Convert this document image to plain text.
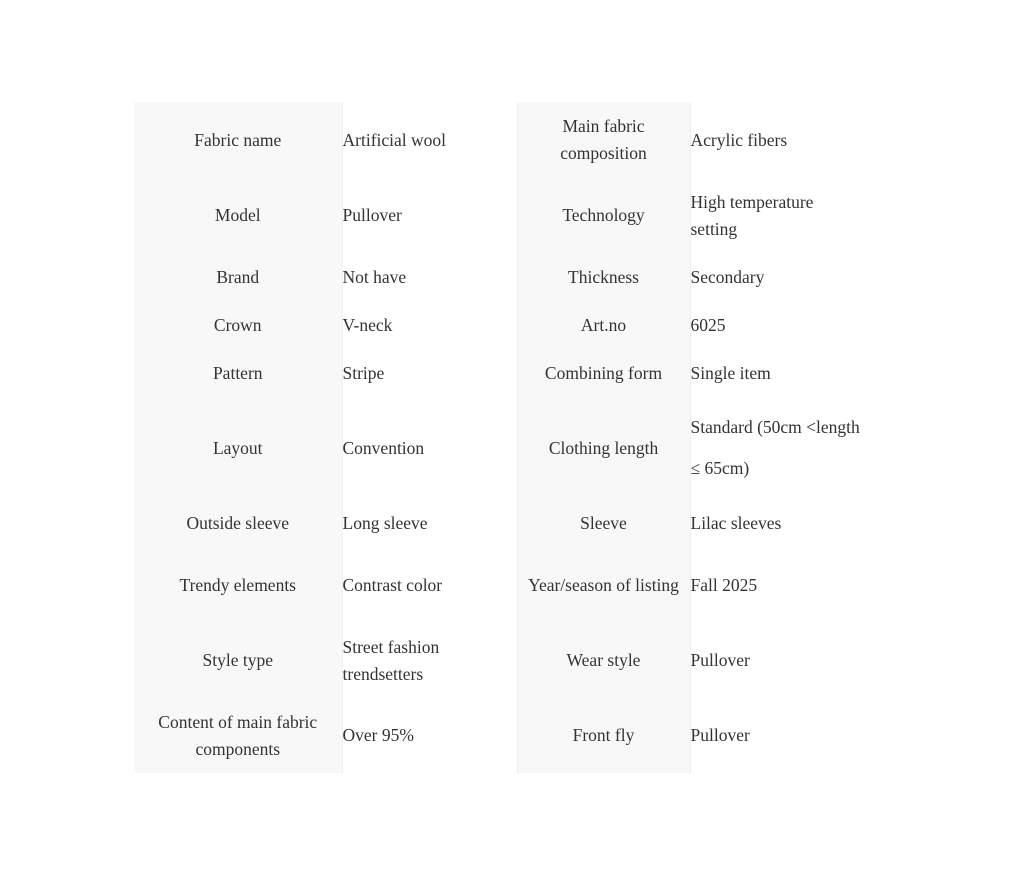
Fabric name	Artificial wool	Main fabric composition	Acrylic fibers
Model	Pullover	Technology	High temperature setting
Brand	Not have	Thickness	Secondary
Crown	V-neck	Art.no	6025
Pattern	Stripe	Combining form	Single item
Layout	Convention	Clothing length	Standard (50cm <length ≤ 65cm)

Outside sleeve	Long sleeve	Sleeve	Lilac sleeves
Trendy elements	Contrast color	Year/season of listing	Fall 2025
Style type	Street fashion trendsetters	Wear style	Pullover
Content of main fabric components	Over 95%	Front fly	Pullover
